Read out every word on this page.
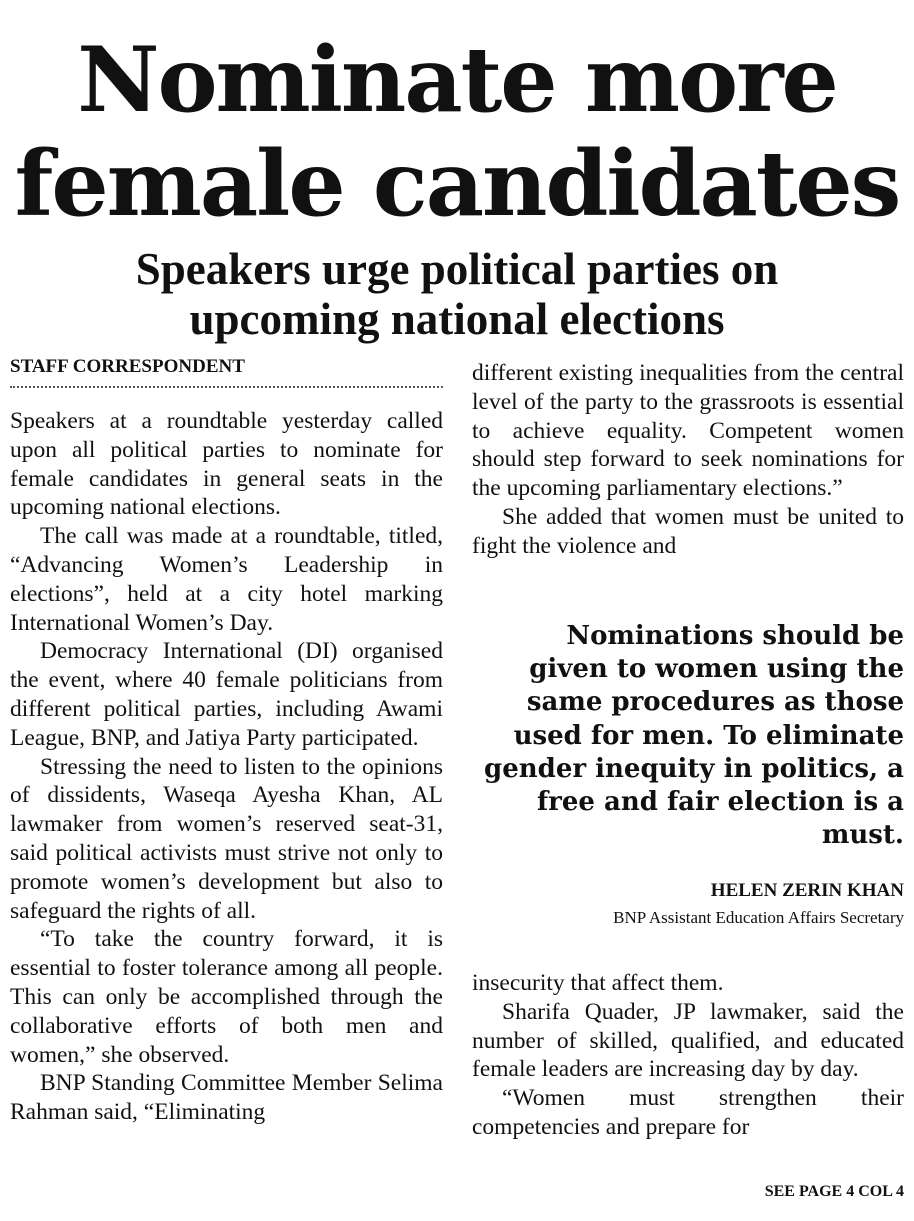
Nominate more
female candidates
Speakers urge political parties on
upcoming national elections
STAFF CORRESPONDENT

Speakers at a roundtable yesterday called upon all political parties to nominate for female candidates in general seats in the upcoming national elections.

The call was made at a roundtable, titled, “Advancing Women’s Leadership in elections”, held at a city hotel marking International Women’s Day.

Democracy International (DI) organised the event, where 40 female politicians from different political parties, including Awami League, BNP, and Jatiya Party participated.

Stressing the need to listen to the opinions of dissidents, Waseqa Ayesha Khan, AL lawmaker from women’s reserved seat-31, said political activists must strive not only to promote women’s development but also to safeguard the rights of all.

“To take the country forward, it is essential to foster tolerance among all people. This can only be accomplished through the collaborative efforts of both men and women,” she observed.

BNP Standing Committee Member Selima Rahman said, “Eliminating

different existing inequalities from the central level of the party to the grassroots is essential to achieve equality. Competent women should step forward to seek nominations for the upcoming parliamentary elections.”

She added that women must be united to fight the violence and

Nominations should be given to women using the same procedures as those used for men. To eliminate gender inequity in politics, a free and fair election is a must.

HELEN ZERIN KHAN
BNP Assistant Education Affairs Secretary

insecurity that affect them.

Sharifa Quader, JP lawmaker, said the number of skilled, qualified, and educated female leaders are increasing day by day.

“Women must strengthen their competencies and prepare for

SEE PAGE 4 COL 4
